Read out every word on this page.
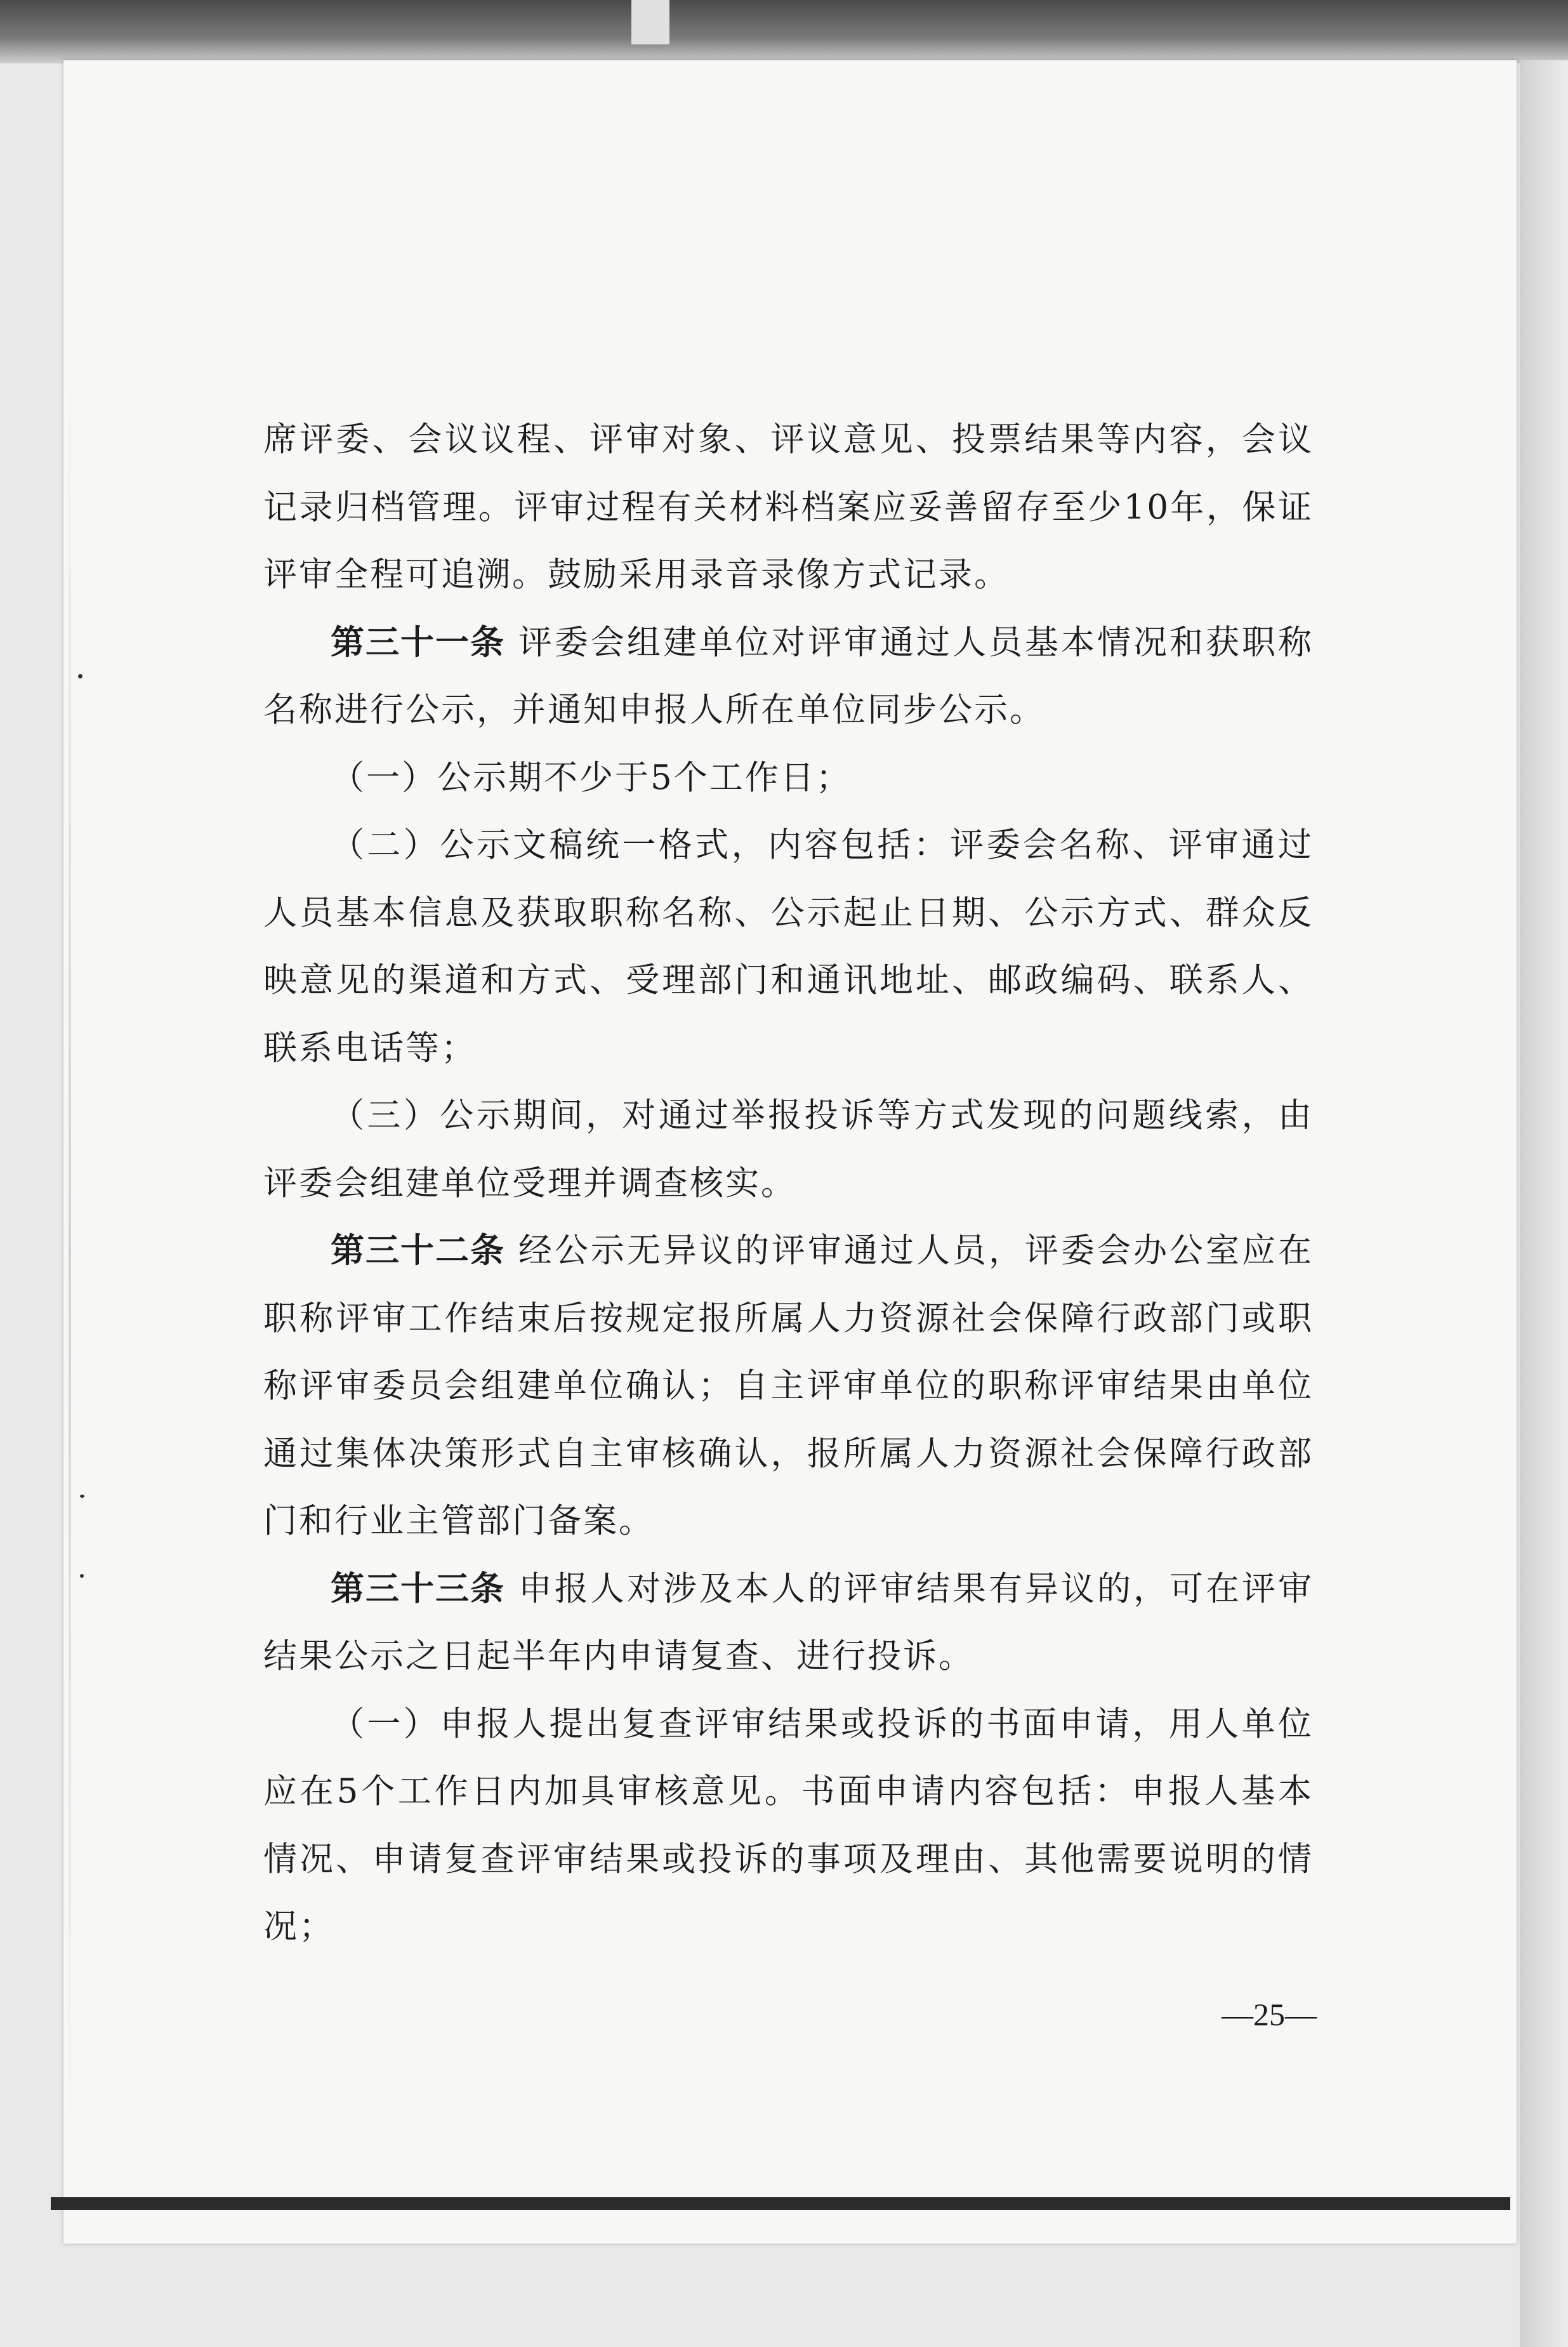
席评委、会议议程、评审对象、评议意见、投票结果等内容，会议记录归档管理。评审过程有关材料档案应妥善留存至少10年，保证评审全程可追溯。鼓励采用录音录像方式记录。

第三十一条 评委会组建单位对评审通过人员基本情况和获职称名称进行公示，并通知申报人所在单位同步公示。

（一）公示期不少于5个工作日；

（二）公示文稿统一格式，内容包括：评委会名称、评审通过人员基本信息及获取职称名称、公示起止日期、公示方式、群众反映意见的渠道和方式、受理部门和通讯地址、邮政编码、联系人、联系电话等；

（三）公示期间，对通过举报投诉等方式发现的问题线索，由评委会组建单位受理并调查核实。

第三十二条 经公示无异议的评审通过人员，评委会办公室应在职称评审工作结束后按规定报所属人力资源社会保障行政部门或职称评审委员会组建单位确认；自主评审单位的职称评审结果由单位通过集体决策形式自主审核确认，报所属人力资源社会保障行政部门和行业主管部门备案。

第三十三条 申报人对涉及本人的评审结果有异议的，可在评审结果公示之日起半年内申请复查、进行投诉。

（一）申报人提出复查评审结果或投诉的书面申请，用人单位应在5个工作日内加具审核意见。书面申请内容包括：申报人基本情况、申请复查评审结果或投诉的事项及理由、其他需要说明的情况；

—25—
